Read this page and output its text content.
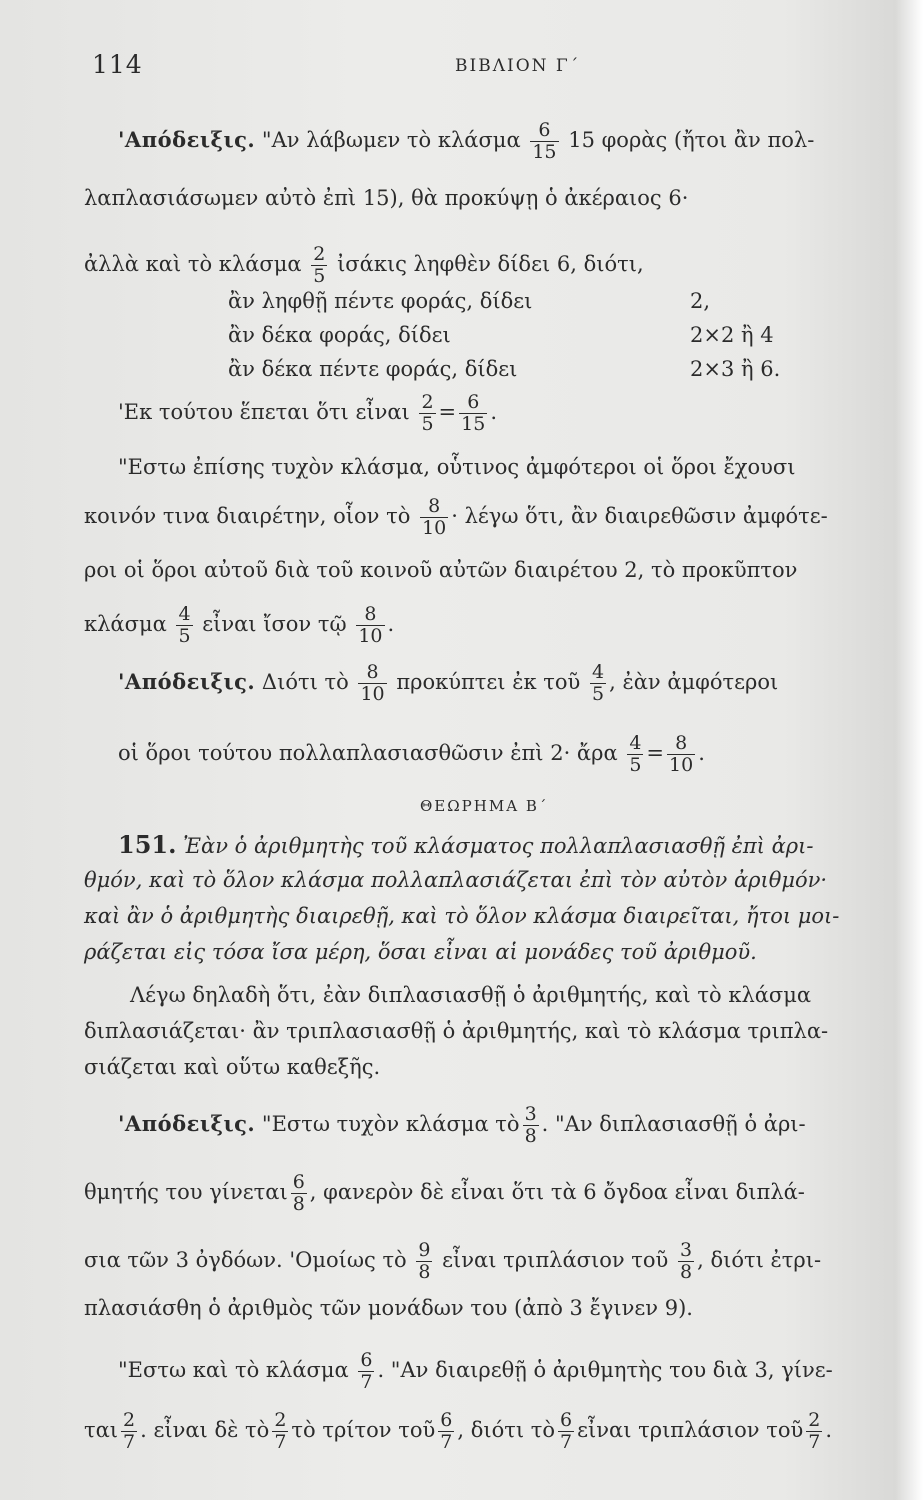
114	ΒΙΒΛΙΟΝ Γ΄
'Απόδειξις. "Αν λάβωμεν τὸ κλάσμα $\frac{6}{15} 15$ φορὰς (ἤτοι ἂν πολ-
λαπλασιάσωμεν αὐτὸ ἐπὶ 15), θὰ προκύψῃ ὁ ἀκέραιος 6·
ἀλλὰ καὶ τὸ κλάσμα $\frac{2}{5}$ ἰσάκις ληφθὲν δίδει 6, διότι,
ἂν ληφθῇ πέντε φοράς, δίδει	2,
ἂν δέκα φοράς, δίδει	2×2 ἢ 4
ἂν δέκα πέντε φοράς, δίδει	2×3 ἢ 6.
'Εκ τούτου ἕπεται ὅτι εἶναι $\frac{2}{5} = \frac{6}{15}$ .
"Εστω ἐπίσης τυχὸν κλάσμα, οὗτινος ἀμφότεροι οἱ ὅροι ἔχουσι
κοινόν τινα διαιρέτην, οἷον τὸ $\frac{8}{10} \cdot \lambda έ\gamma\omega$ ὅτι, ἂν διαιρεθῶσιν ἀμφότε-
ροι οἱ ὅροι αὐτοῦ διὰ τοῦ κοινοῦ αὐτῶν διαιρέτου 2, τὸ προκῦπτον
κλάσμα $\frac{4}{5}$ εἶναι ἴσον τῷ $\frac{8}{10}$ .
'Απόδειξις. Διότι τὸ $\frac{8}{10}$ προκύπτει ἐκ τοῦ $\frac{4}{5}$ , ἐὰν ἀμφότεροι
οἱ ὅροι τούτου πολλαπλασιασθῶσιν ἐπὶ 2· ἄρα $\frac{4}{5} = \frac{8}{10}$ .
ΘΕΩΡΗΜΑ Β΄
151. Ἐὰν ὁ ἀριθμητὴς τοῦ κλάσματος πολλαπλασιασθῇ ἐπὶ ἀρι-
θμόν, καὶ τὸ ὅλον κλάσμα πολλαπλασιάζεται ἐπὶ τὸν αὐτὸν ἀριθμόν·
καὶ ἂν ὁ ἀριθμητὴς διαιρεθῇ, καὶ τὸ ὅλον κλάσμα διαιρεῖται, ἤτοι μοι-
ράζεται εἰς τόσα ἴσα μέρη, ὅσαι εἶναι αἱ μονάδες τοῦ ἀριθμοῦ.
Λέγω δηλαδὴ ὅτι, ἐὰν διπλασιασθῇ ὁ ἀριθμητής, καὶ τὸ κλάσμα
διπλασιάζεται· ἂν τριπλασιασθῇ ὁ ἀριθμητής, καὶ τὸ κλάσμα τριπλα-
σιάζεται καὶ οὕτω καθεξῆς.
'Απόδειξις. "Εστω τυχὸν κλάσμα τὸ $\frac{3}{8}$ . "Αν διπλασιασθῇ ὁ ἀρι-
θμητής του γίνεται $\frac{6}{8}$ , φανερὸν δὲ εἶναι ὅτι τὰ 6 ὄγδοα εἶναι διπλά-
σια τῶν 3 ὀγδόων. 'Ομοίως τὸ $\frac{9}{8}$ εἶναι τριπλάσιον τοῦ $\frac{3}{8}$ , διότι ἐτρι-
πλασιάσθη ὁ ἀριθμὸς τῶν μονάδων του (ἀπὸ 3 ἔγινεν 9).
"Εστω καὶ τὸ κλάσμα $\frac{6}{7}$ . "Αν διαιρεθῇ ὁ ἀριθμητὴς του διὰ 3, γίνε-
ται $\frac{2}{7}$ . εἶναι δὲ τὸ $\frac{2}{7}$ τὸ τρίτον τοῦ $\frac{6}{7}$ , διότι τὸ $\frac{6}{7}$ εἶναι τριπλάσιον τοῦ $\frac{2}{7}$ .
